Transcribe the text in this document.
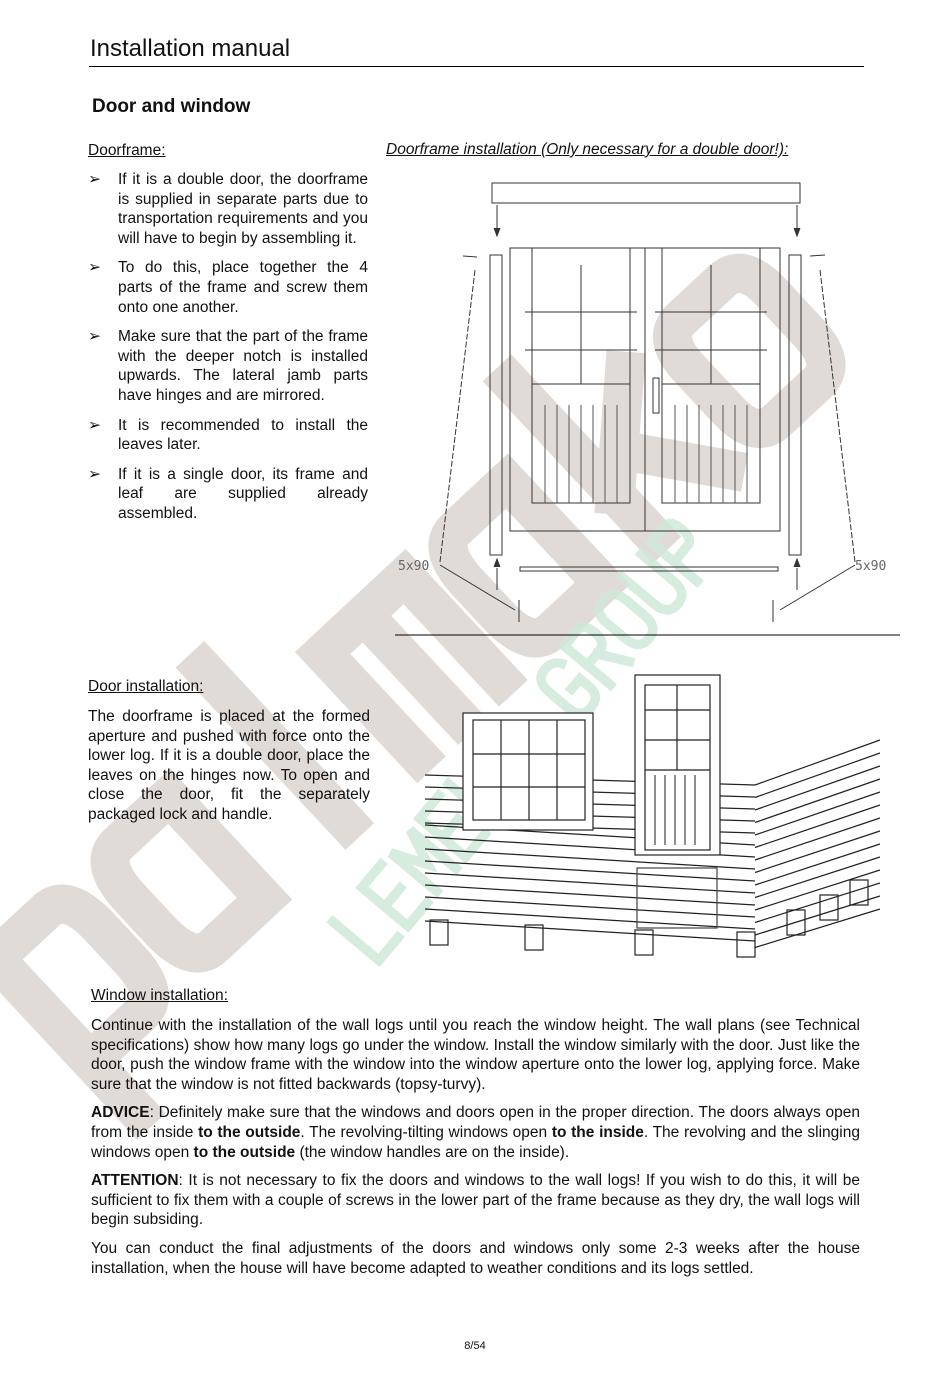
Installation manual
Door and window
Doorframe:
➢ If it is a double door, the doorframe is supplied in separate parts due to transportation requirements and you will have to begin by assembling it.
➢ To do this, place together the 4 parts of the frame and screw them onto one another.
➢ Make sure that the part of the frame with the deeper notch is installed upwards. The lateral jamb parts have hinges and are mirrored.
➢ It is recommended to install the leaves later.
➢ If it is a single door, its frame and leaf are supplied already assembled.
Doorframe installation (Only necessary for a double door!):
5x90	5x90
Door installation:
The doorframe is placed at the formed aperture and pushed with force onto the lower log. If it is a double door, place the leaves on the hinges now. To open and close the door, fit the separately packaged lock and handle.
Window installation:

Continue with the installation of the wall logs until you reach the window height. The wall plans (see Technical specifications) show how many logs go under the window. Install the window similarly with the door. Just like the door, push the window frame with the window into the window aperture onto the lower log, applying force. Make sure that the window is not fitted backwards (topsy-turvy).

ADVICE: Definitely make sure that the windows and doors open in the proper direction. The doors always open from the inside to the outside. The revolving-tilting windows open to the inside. The revolving and the slinging windows open to the outside (the window handles are on the inside).

ATTENTION: It is not necessary to fix the doors and windows to the wall logs! If you wish to do this, it will be sufficient to fix them with a couple of screws in the lower part of the frame because as they dry, the wall logs will begin subsiding.

You can conduct the final adjustments of the doors and windows only some 2-3 weeks after the house installation, when the house will have become adapted to weather conditions and its logs settled.

8/54
